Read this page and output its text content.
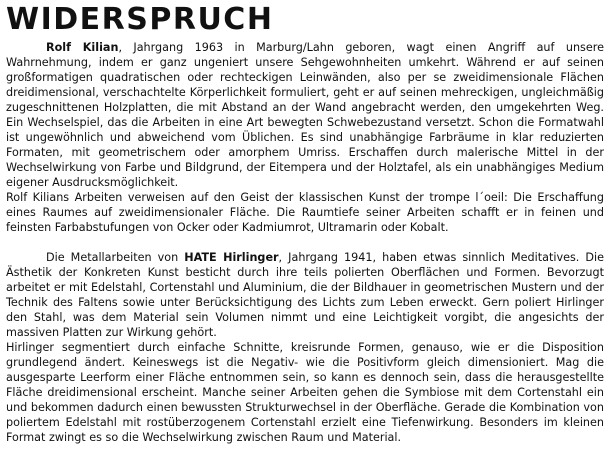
WIDERSPRUCH

Rolf Kilian, Jahrgang 1963 in Marburg/Lahn geboren, wagt einen Angriff auf unsere Wahrnehmung, indem er ganz ungeniert unsere Sehgewohnheiten umkehrt. Während er auf seinen großformatigen quadratischen oder rechteckigen Leinwänden, also per se zweidimensionale Flächen dreidimensional, verschachtelte Körperlichkeit formuliert, geht er auf seinen mehreckigen, ungleichmäßig zugeschnittenen Holzplatten, die mit Abstand an der Wand angebracht werden, den umgekehrten Weg. Ein Wechselspiel, das die Arbeiten in eine Art bewegten Schwebezustand versetzt. Schon die Formatwahl ist ungewöhnlich und abweichend vom Üblichen. Es sind unabhängige Farbräume in klar reduzierten Formaten, mit geometrischem oder amorphem Umriss. Erschaffen durch malerische Mittel in der Wechselwirkung von Farbe und Bildgrund, der Eitempera und der Holztafel, als ein unabhängiges Medium eigener Ausdrucksmöglichkeit.

Rolf Kilians Arbeiten verweisen auf den Geist der klassischen Kunst der trompe l´oeil: Die Erschaffung eines Raumes auf zweidimensionaler Fläche. Die Raumtiefe seiner Arbeiten schafft er in feinen und feinsten Farbabstufungen von Ocker oder Kadmiumrot, Ultramarin oder Kobalt.

Die Metallarbeiten von HATE Hirlinger, Jahrgang 1941, haben etwas sinnlich Meditatives. Die Ästhetik der Konkreten Kunst besticht durch ihre teils polierten Oberflächen und Formen. Bevorzugt arbeitet er mit Edelstahl, Cortenstahl und Aluminium, die der Bildhauer in geometrischen Mustern und der Technik des Faltens sowie unter Berücksichtigung des Lichts zum Leben erweckt. Gern poliert Hirlinger den Stahl, was dem Material sein Volumen nimmt und eine Leichtigkeit vorgibt, die angesichts der massiven Platten zur Wirkung gehört.

Hirlinger segmentiert durch einfache Schnitte, kreisrunde Formen, genauso, wie er die Disposition grundlegend ändert. Keineswegs ist die Negativ- wie die Positivform gleich dimensioniert. Mag die ausgesparte Leerform einer Fläche entnommen sein, so kann es dennoch sein, dass die herausgestellte Fläche dreidimensional erscheint. Manche seiner Arbeiten gehen die Symbiose mit dem Cortenstahl ein und bekommen dadurch einen bewussten Strukturwechsel in der Oberfläche. Gerade die Kombination von poliertem Edelstahl mit rostüberzogenem Cortenstahl erzielt eine Tiefenwirkung. Besonders im kleinen Format zwingt es so die Wechselwirkung zwischen Raum und Material.
